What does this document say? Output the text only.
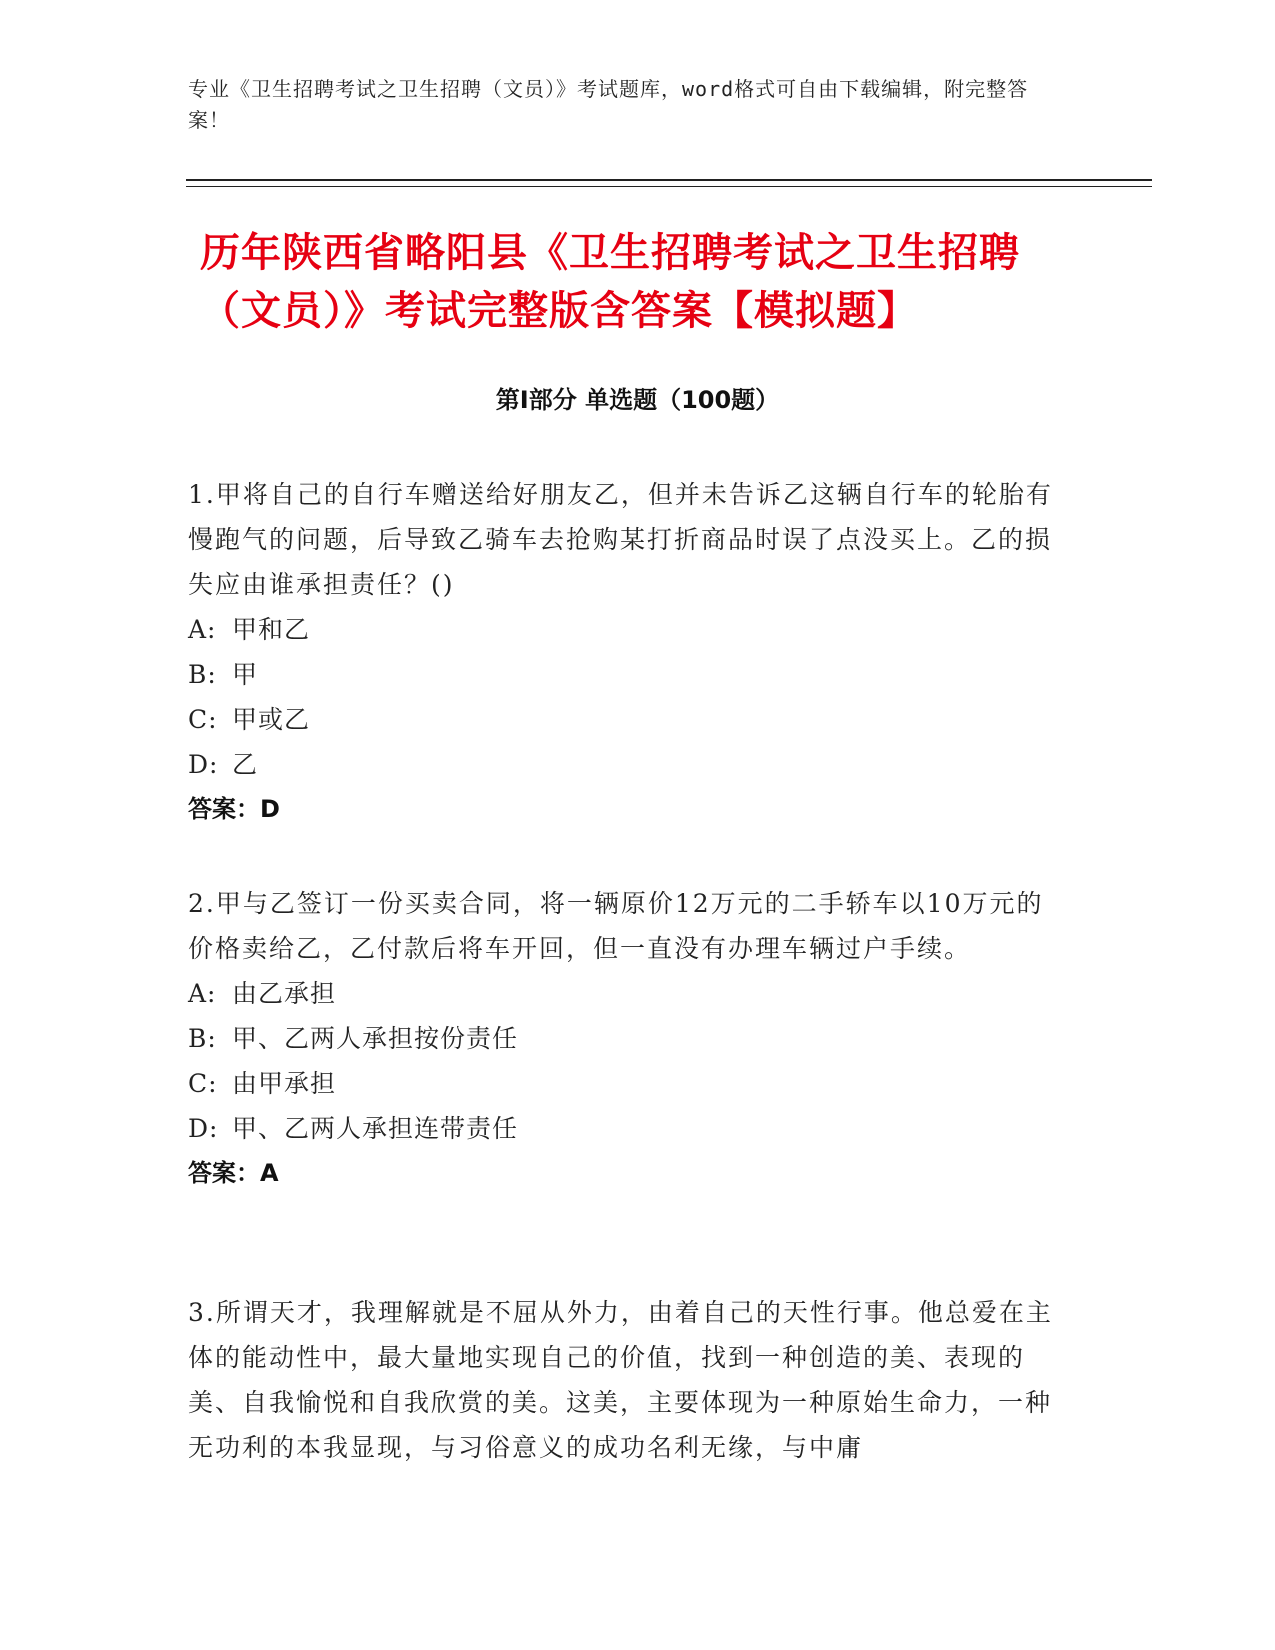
专业《卫生招聘考试之卫生招聘（文员）》考试题库，word格式可自由下载编辑，附完整答案！
历年陕西省略阳县《卫生招聘考试之卫生招聘（文员）》考试完整版含答案【模拟题】
第Ⅰ部分 单选题（100题）
1.甲将自己的自行车赠送给好朋友乙，但并未告诉乙这辆自行车的轮胎有慢跑气的问题，后导致乙骑车去抢购某打折商品时误了点没买上。乙的损失应由谁承担责任？()
A: 甲和乙
B: 甲
C: 甲或乙
D: 乙
答案：D
2.甲与乙签订一份买卖合同，将一辆原价12万元的二手轿车以10万元的价格卖给乙，乙付款后将车开回，但一直没有办理车辆过户手续。
A: 由乙承担
B: 甲、乙两人承担按份责任
C: 由甲承担
D: 甲、乙两人承担连带责任
答案：A
3.所谓天才，我理解就是不屈从外力，由着自己的天性行事。他总爱在主体的能动性中，最大量地实现自己的价值，找到一种创造的美、表现的美、自我愉悦和自我欣赏的美。这美，主要体现为一种原始生命力，一种无功利的本我显现，与习俗意义的成功名利无缘，与中庸
